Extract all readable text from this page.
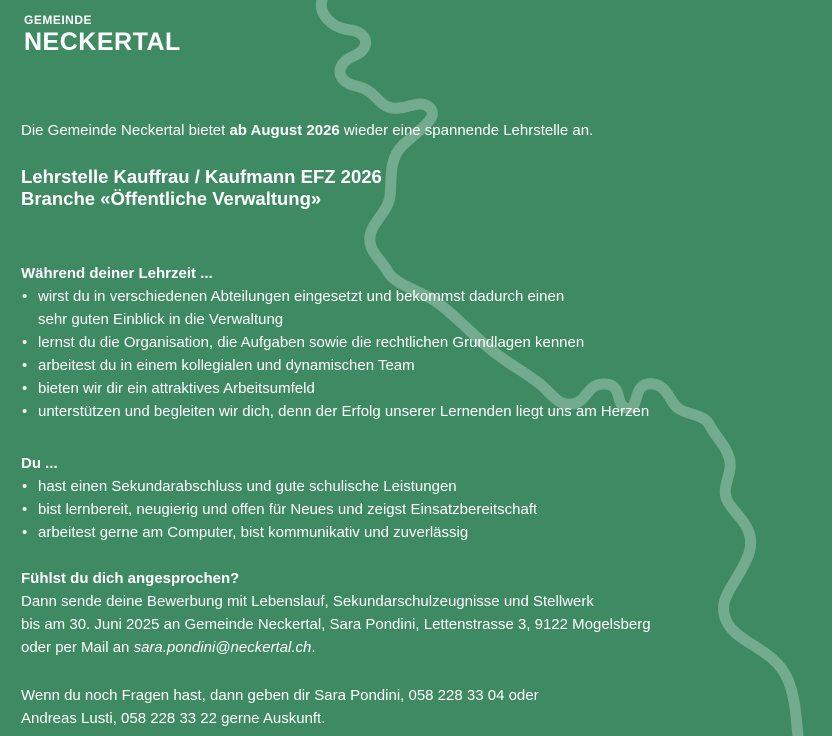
GEMEINDE
NECKERTAL
Die Gemeinde Neckertal bietet ab August 2026 wieder eine spannende Lehrstelle an.
Lehrstelle Kauffrau / Kaufmann EFZ 2026
Branche «Öffentliche Verwaltung»
Während deiner Lehrzeit ...
• wirst du in verschiedenen Abteilungen eingesetzt und bekommst dadurch einen
sehr guten Einblick in die Verwaltung
• lernst du die Organisation, die Aufgaben sowie die rechtlichen Grundlagen kennen
• arbeitest du in einem kollegialen und dynamischen Team
• bieten wir dir ein attraktives Arbeitsumfeld
• unterstützen und begleiten wir dich, denn der Erfolg unserer Lernenden liegt uns am Herzen
Du ...
• hast einen Sekundarabschluss und gute schulische Leistungen
• bist lernbereit, neugierig und offen für Neues und zeigst Einsatzbereitschaft
• arbeitest gerne am Computer, bist kommunikativ und zuverlässig
Fühlst du dich angesprochen?

Dann sende deine Bewerbung mit Lebenslauf, Sekundarschulzeugnisse und Stellwerk

bis am 30. Juni 2025 an Gemeinde Neckertal, Sara Pondini, Lettenstrasse 3, 9122 Mogelsberg

oder per Mail an sara.pondini@neckertal.ch.

Wenn du noch Fragen hast, dann geben dir Sara Pondini, 058 228 33 04 oder

Andreas Lusti, 058 228 33 22 gerne Auskunft.
